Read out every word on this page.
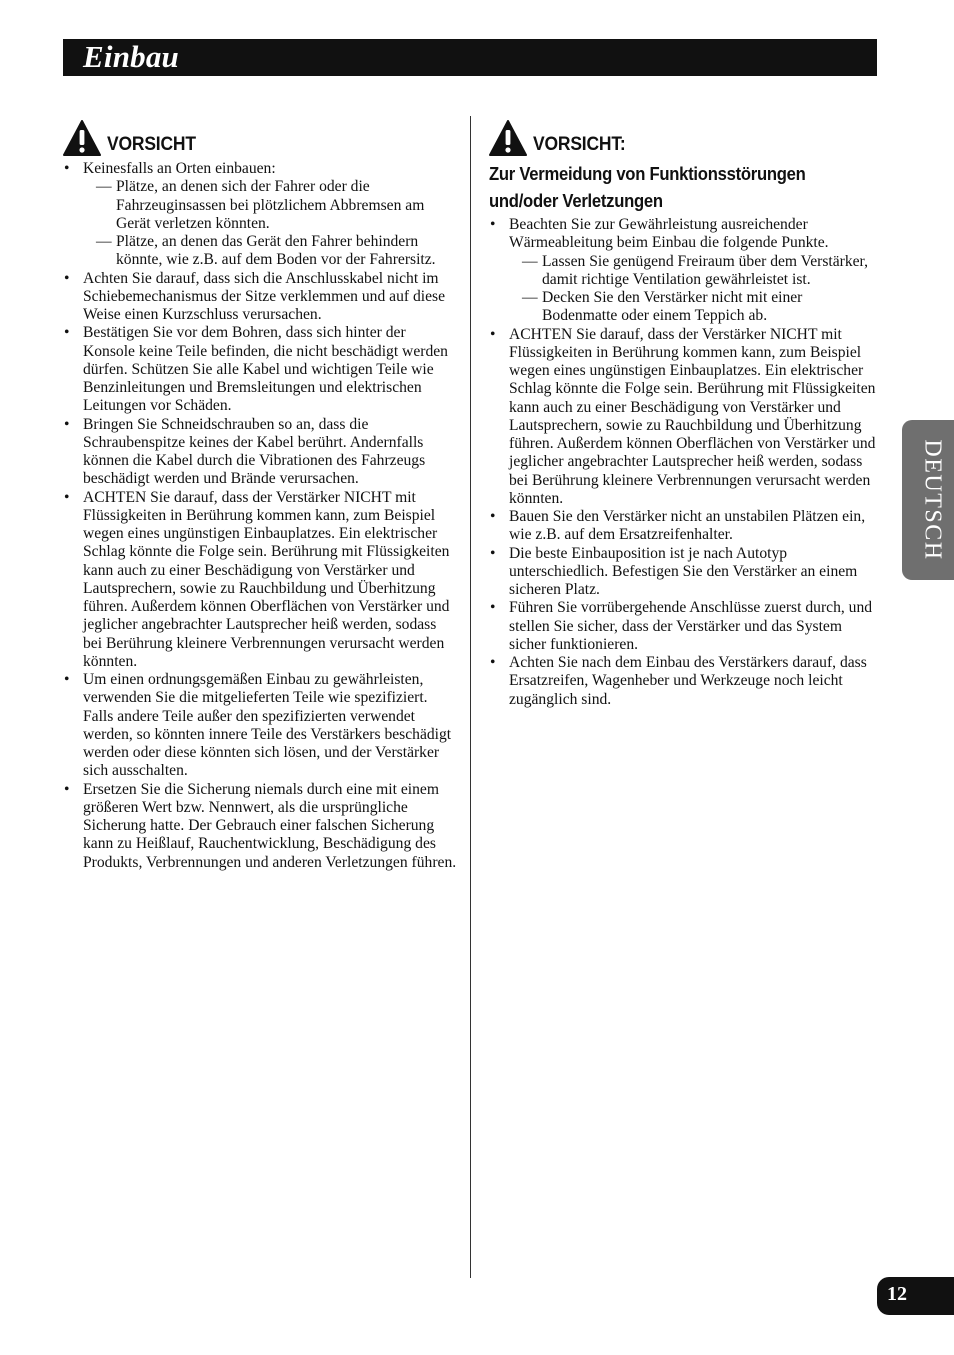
Einbau
VORSICHT
• Keinesfalls an Orten einbauen:
— Plätze, an denen sich der Fahrer oder die Fahrzeuginsassen bei plötzlichem Abbremsen am Gerät verletzen könnten.
— Plätze, an denen das Gerät den Fahrer behindern könnte, wie z.B. auf dem Boden vor der Fahrersitz.
• Achten Sie darauf, dass sich die Anschlusskabel nicht im Schiebemechanismus der Sitze verklemmen und auf diese Weise einen Kurzschluss verursachen.
• Bestätigen Sie vor dem Bohren, dass sich hinter der Konsole keine Teile befinden, die nicht beschädigt werden dürfen. Schützen Sie alle Kabel und wichtigen Teile wie Benzinleitungen und Bremsleitungen und elektrischen Leitungen vor Schäden.
• Bringen Sie Schneidschrauben so an, dass die Schraubenspitze keines der Kabel berührt. Andernfalls können die Kabel durch die Vibrationen des Fahrzeugs beschädigt werden und Brände verursachen.
• ACHTEN Sie darauf, dass der Verstärker NICHT mit Flüssigkeiten in Berührung kommen kann, zum Beispiel wegen eines ungünstigen Einbauplatzes. Ein elektrischer Schlag könnte die Folge sein. Berührung mit Flüssigkeiten kann auch zu einer Beschädigung von Verstärker und Lautsprechern, sowie zu Rauchbildung und Überhitzung führen. Außerdem können Oberflächen von Verstärker und jeglicher angebrachter Lautsprecher heiß werden, sodass bei Berührung kleinere Verbrennungen verursacht werden könnten.
• Um einen ordnungsgemäßen Einbau zu gewährleisten, verwenden Sie die mitgelieferten Teile wie spezifiziert. Falls andere Teile außer den spezifizierten verwendet werden, so könnten innere Teile des Verstärkers beschädigt werden oder diese könnten sich lösen, und der Verstärker sich ausschalten.
• Ersetzen Sie die Sicherung niemals durch eine mit einem größeren Wert bzw. Nennwert, als die ursprüngliche Sicherung hatte. Der Gebrauch einer falschen Sicherung kann zu Heißlauf, Rauchentwicklung, Beschädigung des Produkts, Verbrennungen und anderen Verletzungen führen.
VORSICHT:
Zur Vermeidung von Funktionsstörungen und/oder Verletzungen
• Beachten Sie zur Gewährleistung ausreichender Wärmeableitung beim Einbau die folgende Punkte.
— Lassen Sie genügend Freiraum über dem Verstärker, damit richtige Ventilation gewährleistet ist.
— Decken Sie den Verstärker nicht mit einer Bodenmatte oder einem Teppich ab.
• ACHTEN Sie darauf, dass der Verstärker NICHT mit Flüssigkeiten in Berührung kommen kann, zum Beispiel wegen eines ungünstigen Einbauplatzes. Ein elektrischer Schlag könnte die Folge sein. Berührung mit Flüssigkeiten kann auch zu einer Beschädigung von Verstärker und Lautsprechern, sowie zu Rauchbildung und Überhitzung führen. Außerdem können Oberflächen von Verstärker und jeglicher angebrachter Lautsprecher heiß werden, sodass bei Berührung kleinere Verbrennungen verursacht werden könnten.
• Bauen Sie den Verstärker nicht an unstabilen Plätzen ein, wie z.B. auf dem Ersatzreifenhalter.
• Die beste Einbauposition ist je nach Autotyp unterschiedlich. Befestigen Sie den Verstärker an einem sicheren Platz.
• Führen Sie vorrübergehende Anschlüsse zuerst durch, und stellen Sie sicher, dass der Verstärker und das System sicher funktionieren.
• Achten Sie nach dem Einbau des Verstärkers darauf, dass Ersatzreifen, Wagenheber und Werkzeuge noch leicht zugänglich sind.
DEUTSCH
12
